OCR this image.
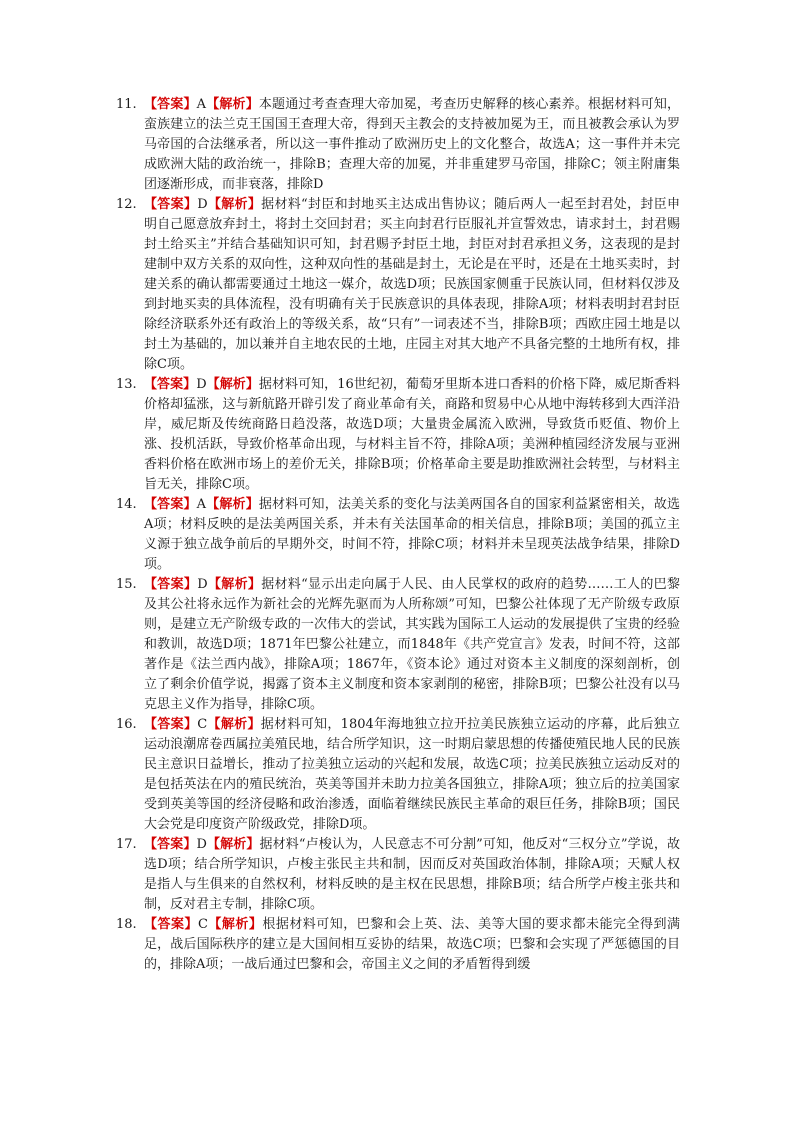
11. 【答案】A【解析】本题通过考查查理大帝加冕，考查历史解释的核心素养。根据材料可知，蛮族建立的法兰克王国国王查理大帝，得到天主教会的支持被加冕为王，而且被教会承认为罗马帝国的合法继承者，所以这一事件推动了欧洲历史上的文化整合，故选A；这一事件并未完成欧洲大陆的政治统一，排除B；查理大帝的加冕，并非重建罗马帝国，排除C；领主附庸集团逐渐形成，而非衰落，排除D
12. 【答案】D【解析】据材料“封臣和封地买主达成出售协议；随后两人一起至封君处，封臣申明自己愿意放弃封土，将封土交回封君；买主向封君行臣服礼并宣誓效忠，请求封土，封君赐封土给买主”并结合基础知识可知，封君赐予封臣土地，封臣对封君承担义务，这表现的是封建制中双方关系的双向性，这种双向性的基础是封土，无论是在平时，还是在土地买卖时，封建关系的确认都需要通过土地这一媒介，故选D项；民族国家侧重于民族认同，但材料仅涉及到封地买卖的具体流程，没有明确有关于民族意识的具体表现，排除A项；材料表明封君封臣除经济联系外还有政治上的等级关系，故“只有”一词表述不当，排除B项；西欧庄园土地是以封土为基础的，加以兼并自主地农民的土地，庄园主对其大地产不具备完整的土地所有权，排除C项。
13. 【答案】D【解析】据材料可知，16世纪初，葡萄牙里斯本进口香料的价格下降，威尼斯香料价格却猛涨，这与新航路开辟引发了商业革命有关，商路和贸易中心从地中海转移到大西洋沿岸，威尼斯及传统商路日趋没落，故选D项；大量贵金属流入欧洲，导致货币贬值、物价上涨、投机活跃，导致价格革命出现，与材料主旨不符，排除A项；美洲种植园经济发展与亚洲香料价格在欧洲市场上的差价无关，排除B项；价格革命主要是助推欧洲社会转型，与材料主旨无关，排除C项。
14. 【答案】A【解析】据材料可知，法美关系的变化与法美两国各自的国家利益紧密相关，故选A项；材料反映的是法美两国关系，并未有关法国革命的相关信息，排除B项；美国的孤立主义源于独立战争前后的早期外交，时间不符，排除C项；材料并未呈现英法战争结果，排除D项。
15. 【答案】D【解析】据材料“显示出走向属于人民、由人民掌权的政府的趋势……工人的巴黎及其公社将永远作为新社会的光辉先驱而为人所称颂”可知，巴黎公社体现了无产阶级专政原则，是建立无产阶级专政的一次伟大的尝试，其实践为国际工人运动的发展提供了宝贵的经验和教训，故选D项；1871年巴黎公社建立，而1848年《共产党宣言》发表，时间不符，这部著作是《法兰西内战》，排除A项；1867年，《资本论》通过对资本主义制度的深刻剖析，创立了剩余价值学说，揭露了资本主义制度和资本家剥削的秘密，排除B项；巴黎公社没有以马克思主义作为指导，排除C项。
16. 【答案】C【解析】据材料可知，1804年海地独立拉开拉美民族独立运动的序幕，此后独立运动浪潮席卷西属拉美殖民地，结合所学知识，这一时期启蒙思想的传播使殖民地人民的民族民主意识日益增长，推动了拉美独立运动的兴起和发展，故选C项；拉美民族独立运动反对的是包括英法在内的殖民统治，英美等国并未助力拉美各国独立，排除A项；独立后的拉美国家受到英美等国的经济侵略和政治渗透，面临着继续民族民主革命的艰巨任务，排除B项；国民大会党是印度资产阶级政党，排除D项。
17. 【答案】D【解析】据材料“卢梭认为，人民意志不可分割”可知，他反对“三权分立”学说，故选D项；结合所学知识，卢梭主张民主共和制，因而反对英国政治体制，排除A项；天赋人权是指人与生俱来的自然权利，材料反映的是主权在民思想，排除B项；结合所学卢梭主张共和制，反对君主专制，排除C项。
18. 【答案】C【解析】根据材料可知，巴黎和会上英、法、美等大国的要求都未能完全得到满足，战后国际秩序的建立是大国间相互妥协的结果，故选C项；巴黎和会实现了严惩德国的目的，排除A项；一战后通过巴黎和会，帝国主义之间的矛盾暂得到缓
